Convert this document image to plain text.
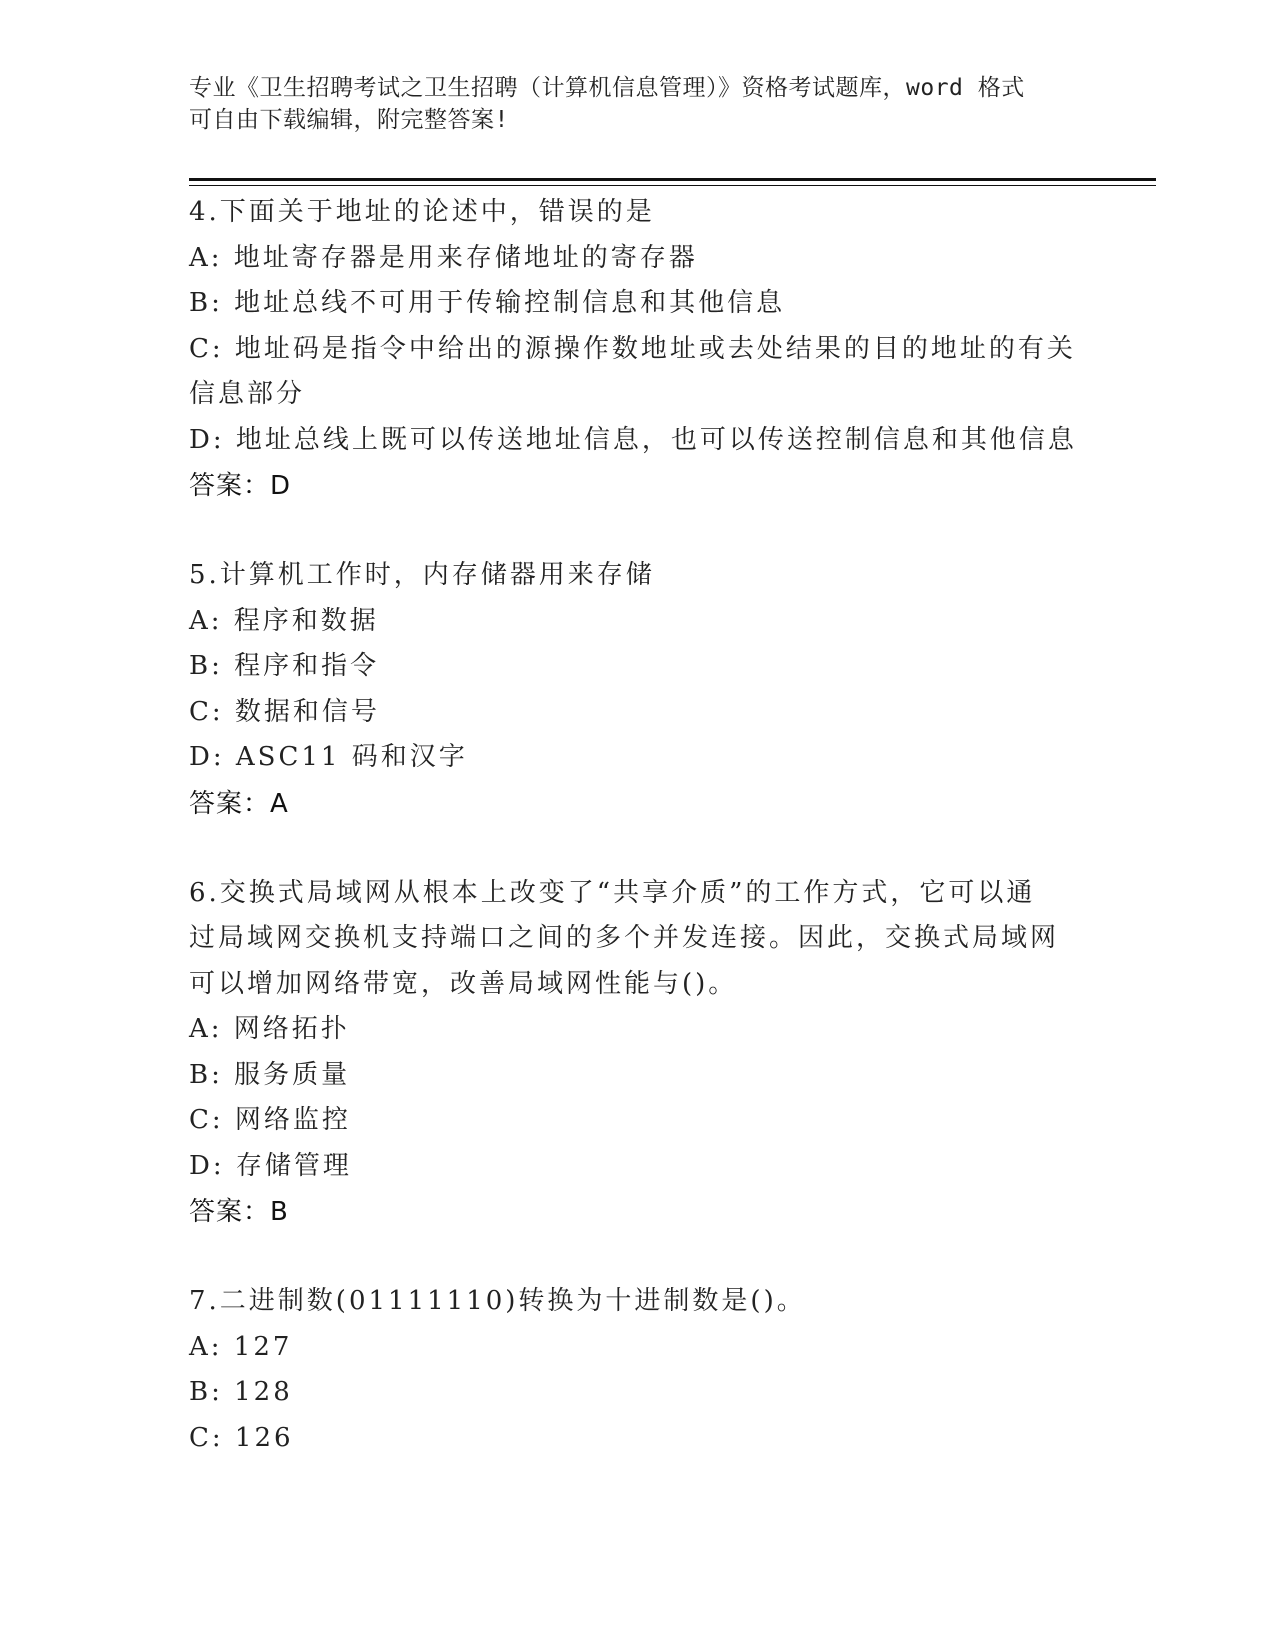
专业《卫生招聘考试之卫生招聘（计算机信息管理）》资格考试题库，word 格式
可自由下载编辑，附完整答案!
4.下面关于地址的论述中，错误的是
A: 地址寄存器是用来存储地址的寄存器
B: 地址总线不可用于传输控制信息和其他信息
C: 地址码是指令中给出的源操作数地址或去处结果的目的地址的有关
信息部分
D: 地址总线上既可以传送地址信息，也可以传送控制信息和其他信息
答案：D
5.计算机工作时，内存储器用来存储
A: 程序和数据
B: 程序和指令
C: 数据和信号
D: ASC11 码和汉字
答案：A
6.交换式局域网从根本上改变了“共享介质”的工作方式，它可以通
过局域网交换机支持端口之间的多个并发连接。因此，交换式局域网
可以增加网络带宽，改善局域网性能与()。
A: 网络拓扑
B: 服务质量
C: 网络监控
D: 存储管理
答案：B
7.二进制数(01111110)转换为十进制数是()。
A: 127
B: 128
C: 126
